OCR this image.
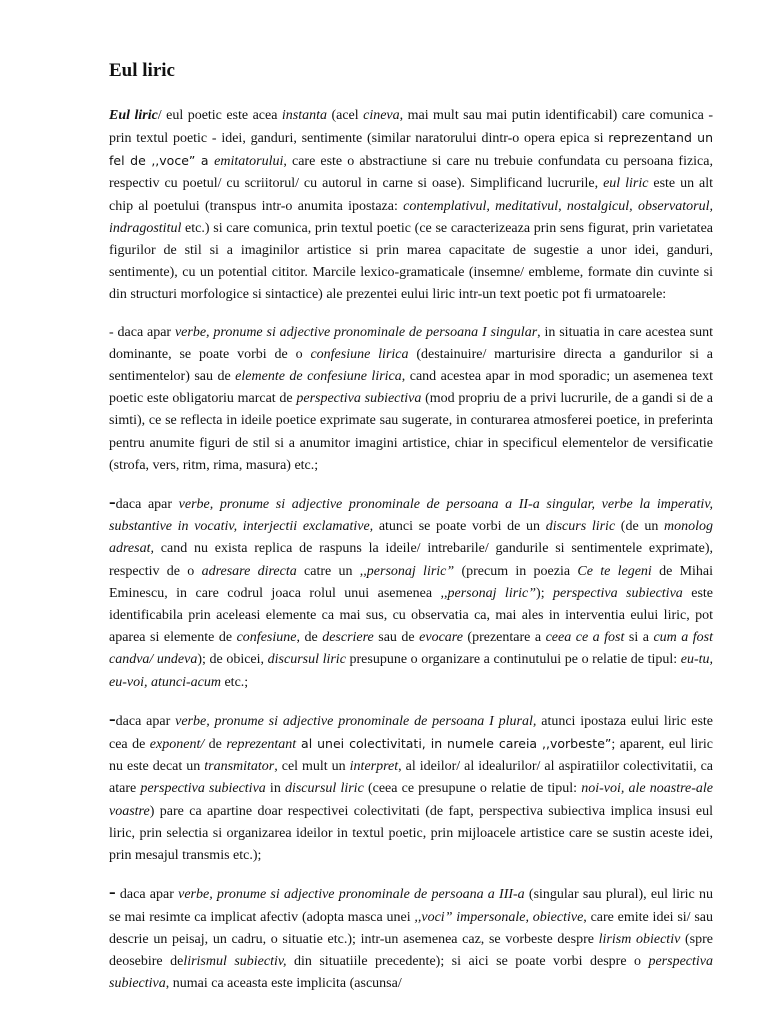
Eul liric

Eul liric/ eul poetic este acea instanta (acel cineva, mai mult sau mai putin identificabil) care comunica - prin textul poetic - idei, ganduri, sentimente (similar naratorului dintr-o opera epica si reprezentand un fel de ,,voce” a emitatorului, care este o abstractiune si care nu trebuie confundata cu persoana fizica, respectiv cu poetul/ cu scriitorul/ cu autorul in carne si oase). Simplificand lucrurile, eul liric este un alt chip al poetului (transpus intr-o anumita ipostaza: contemplativul, meditativul, nostalgicul, observatorul, indragostitul etc.) si care comunica, prin textul poetic (ce se caracterizeaza prin sens figurat, prin varietatea figurilor de stil si a imaginilor artistice si prin marea capacitate de sugestie a unor idei, ganduri, sentimente), cu un potential cititor. Marcile lexico-gramaticale (insemne/ embleme, formate din cuvinte si din structuri morfologice si sintactice) ale prezentei eului liric intr-un text poetic pot fi urmatoarele:

- daca apar verbe, pronume si adjective pronominale de persoana I singular, in situatia in care acestea sunt dominante, se poate vorbi de o confesiune lirica (destainuire/ marturisire directa a gandurilor si a sentimentelor) sau de elemente de confesiune lirica, cand acestea apar in mod sporadic; un asemenea text poetic este obligatoriu marcat de perspectiva subiectiva (mod propriu de a privi lucrurile, de a gandi si de a simti), ce se reflecta in ideile poetice exprimate sau sugerate, in conturarea atmosferei poetice, in preferinta pentru anumite figuri de stil si a anumitor imagini artistice, chiar in specificul elementelor de versificatie (strofa, vers, ritm, rima, masura) etc.;

-daca apar verbe, pronume si adjective pronominale de persoana a II-a singular, verbe la imperativ, substantive in vocativ, interjectii exclamative, atunci se poate vorbi de un discurs liric (de un monolog adresat, cand nu exista replica de raspuns la ideile/ intrebarile/ gandurile si sentimentele exprimate), respectiv de o adresare directa catre un ,,personaj liric” (precum in poezia Ce te legeni de Mihai Eminescu, in care codrul joaca rolul unui asemenea ,,personaj liric”); perspectiva subiectiva este identificabila prin aceleasi elemente ca mai sus, cu observatia ca, mai ales in interventia eului liric, pot aparea si elemente de confesiune, de descriere sau de evocare (prezentare a ceea ce a fost si a cum a fost candva/ undeva); de obicei, discursul liric presupune o organizare a continutului pe o relatie de tipul: eu-tu, eu-voi, atunci-acum etc.;

-daca apar verbe, pronume si adjective pronominale de persoana I plural, atunci ipostaza eului liric este cea de exponent/ de reprezentant al unei colectivitati, in numele careia ,,vorbeste”; aparent, eul liric nu este decat un transmitator, cel mult un interpret, al ideilor/ al idealurilor/ al aspiratiilor colectivitatii, ca atare perspectiva subiectiva in discursul liric (ceea ce presupune o relatie de tipul: noi-voi, ale noastre-ale voastre) pare ca apartine doar respectivei colectivitati (de fapt, perspectiva subiectiva implica insusi eul liric, prin selectia si organizarea ideilor in textul poetic, prin mijloacele artistice care se sustin aceste idei, prin mesajul transmis etc.);

- daca apar verbe, pronume si adjective pronominale de persoana a III-a (singular sau plural), eul liric nu se mai resimte ca implicat afectiv (adopta masca unei ,,voci” impersonale, obiective, care emite idei si/ sau descrie un peisaj, un cadru, o situatie etc.); intr-un asemenea caz, se vorbeste despre lirism obiectiv (spre deosebire delirismul subiectiv, din situatiile precedente); si aici se poate vorbi despre o perspectiva subiectiva, numai ca aceasta este implicita (ascunsa/
